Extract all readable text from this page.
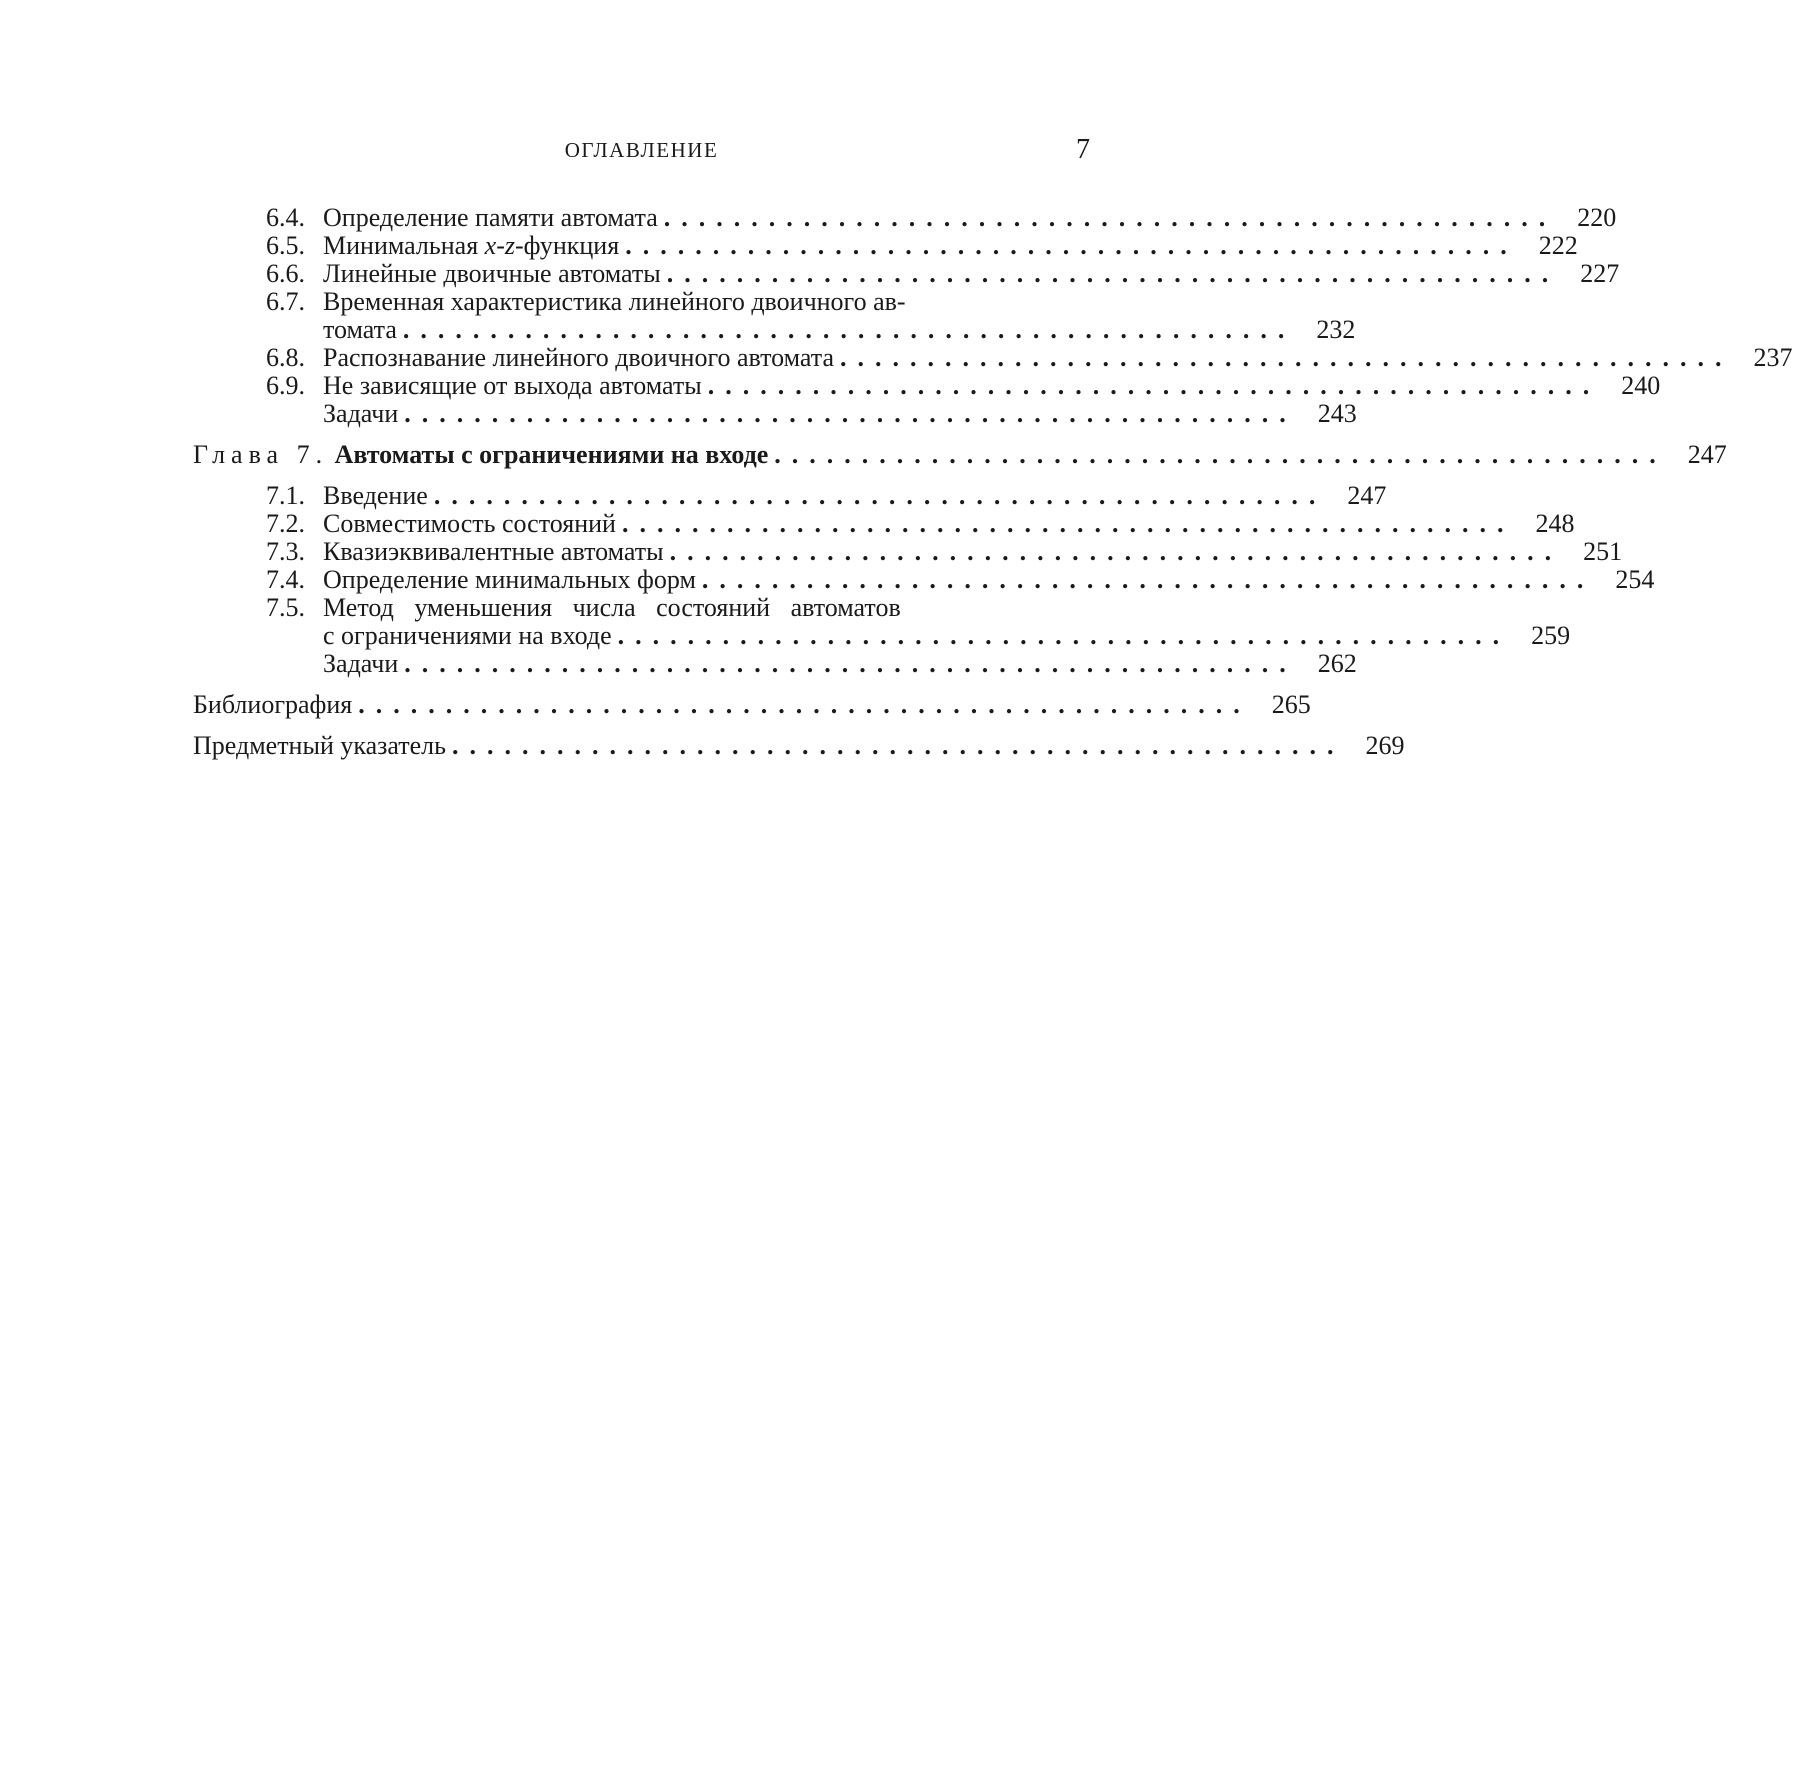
ОГЛАВЛЕНИЕ	7
6.4. Определение памяти автомата ................................................... 220
6.5. Минимальная x-z-функция ................................................... 222
6.6. Линейные двоичные автоматы ................................................... 227
6.7. Временная характеристика линейного двоичного ав-
томата ................................................... 232
6.8. Распознавание линейного двоичного автомата ................................................... 237
6.9. Не зависящие от выхода автоматы ................................................... 240
Задачи ................................................... 243
Глава 7. Автоматы с ограничениями на входе ................................................... 247
7.1. Введение ................................................... 247
7.2. Совместимость состояний ................................................... 248
7.3. Квазиэквивалентные автоматы ................................................... 251
7.4. Определение минимальных форм ................................................... 254
7.5. Метод уменьшения числа состояний автоматов
с ограничениями на входе ................................................... 259
Задачи ................................................... 262
Библиография ................................................... 265
Предметный указатель ................................................... 269
